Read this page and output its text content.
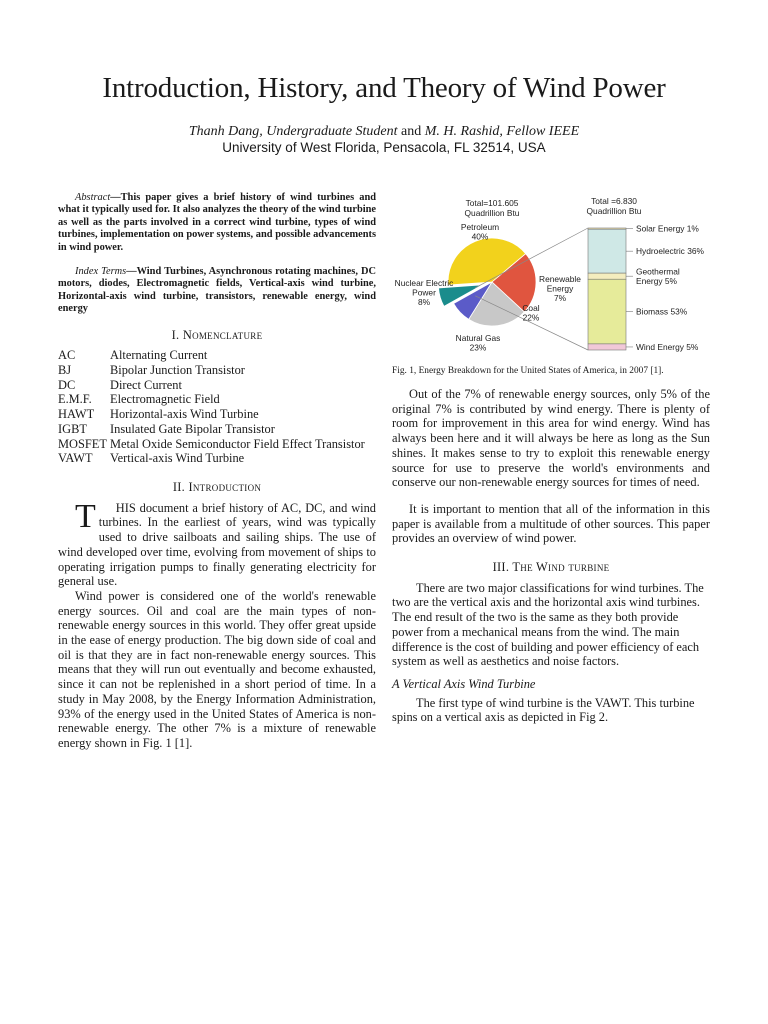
Introduction, History, and Theory of Wind Power
Thanh Dang, Undergraduate Student and M. H. Rashid, Fellow IEEE
University of West Florida, Pensacola, FL 32514, USA
Abstract—This paper gives a brief history of wind turbines and what it typically used for. It also analyzes the theory of the wind turbine as well as the parts involved in a correct wind turbine, types of wind turbines, implementation on power systems, and possible advancements in wind power.
Index Terms—Wind Turbines, Asynchronous rotating machines, DC motors, diodes, Electromagnetic fields, Vertical-axis wind turbine, Horizontal-axis wind turbine, transistors, renewable energy, wind energy
I. Nomenclature
AC	Alternating Current
BJ	Bipolar Junction Transistor
DC	Direct Current
E.M.F.	Electromagnetic Field
HAWT	Horizontal-axis Wind Turbine
IGBT	Insulated Gate Bipolar Transistor
MOSFET Metal Oxide Semiconductor Field Effect Transistor
VAWT	Vertical-axis Wind Turbine
II. Introduction

T HIS document a brief history of AC, DC, and wind turbines. In the earliest of years, wind was typically used to drive sailboats and sailing ships. The use of wind developed over time, evolving from movement of ships to operating irrigation pumps to finally generating electricity for general use.

Wind power is considered one of the world's renewable energy sources. Oil and coal are the main types of non-renewable energy sources in this world. They offer great upside in the ease of energy production. The big down side of coal and oil is that they are in fact non-renewable energy sources. This means that they will run out eventually and become exhausted, since it can not be replenished in a short period of time. In a study in May 2008, by the Energy Information Administration, 93% of the energy used in the United States of America is non-renewable energy. The other 7% is a mixture of renewable energy shown in Fig. 1 [1].

Total=101.605
Quadrillion Btu
Total =6.830
Quadrillion Btu
Petroleum
40%
Natural Gas
23%
Coal
22%
Nuclear Electric
Power
8%
Renewable
Energy
7%
Solar Energy 1%
Hydroelectric 36%
Geothermal
Energy 5%
Biomass 53%
Wind Energy 5%
Fig. 1, Energy Breakdown for the United States of America, in 2007 [1].

Out of the 7% of renewable energy sources, only 5% of the original 7% is contributed by wind energy. There is plenty of room for improvement in this area for wind energy. Wind has always been here and it will always be here as long as the Sun shines. It makes sense to try to exploit this renewable energy source for use to preserve the world's environments and conserve our non-renewable energy sources for times of need.

It is important to mention that all of the information in this paper is available from a multitude of other sources. This paper provides an overview of wind power.

III. The Wind turbine

There are two major classifications for wind turbines. The two are the vertical axis and the horizontal axis wind turbines. The end result of the two is the same as they both provide power from a mechanical means from the wind. The main difference is the cost of building and power efficiency of each system as well as aesthetics and noise factors.

A Vertical Axis Wind Turbine

The first type of wind turbine is the VAWT. This turbine spins on a vertical axis as depicted in Fig 2.
